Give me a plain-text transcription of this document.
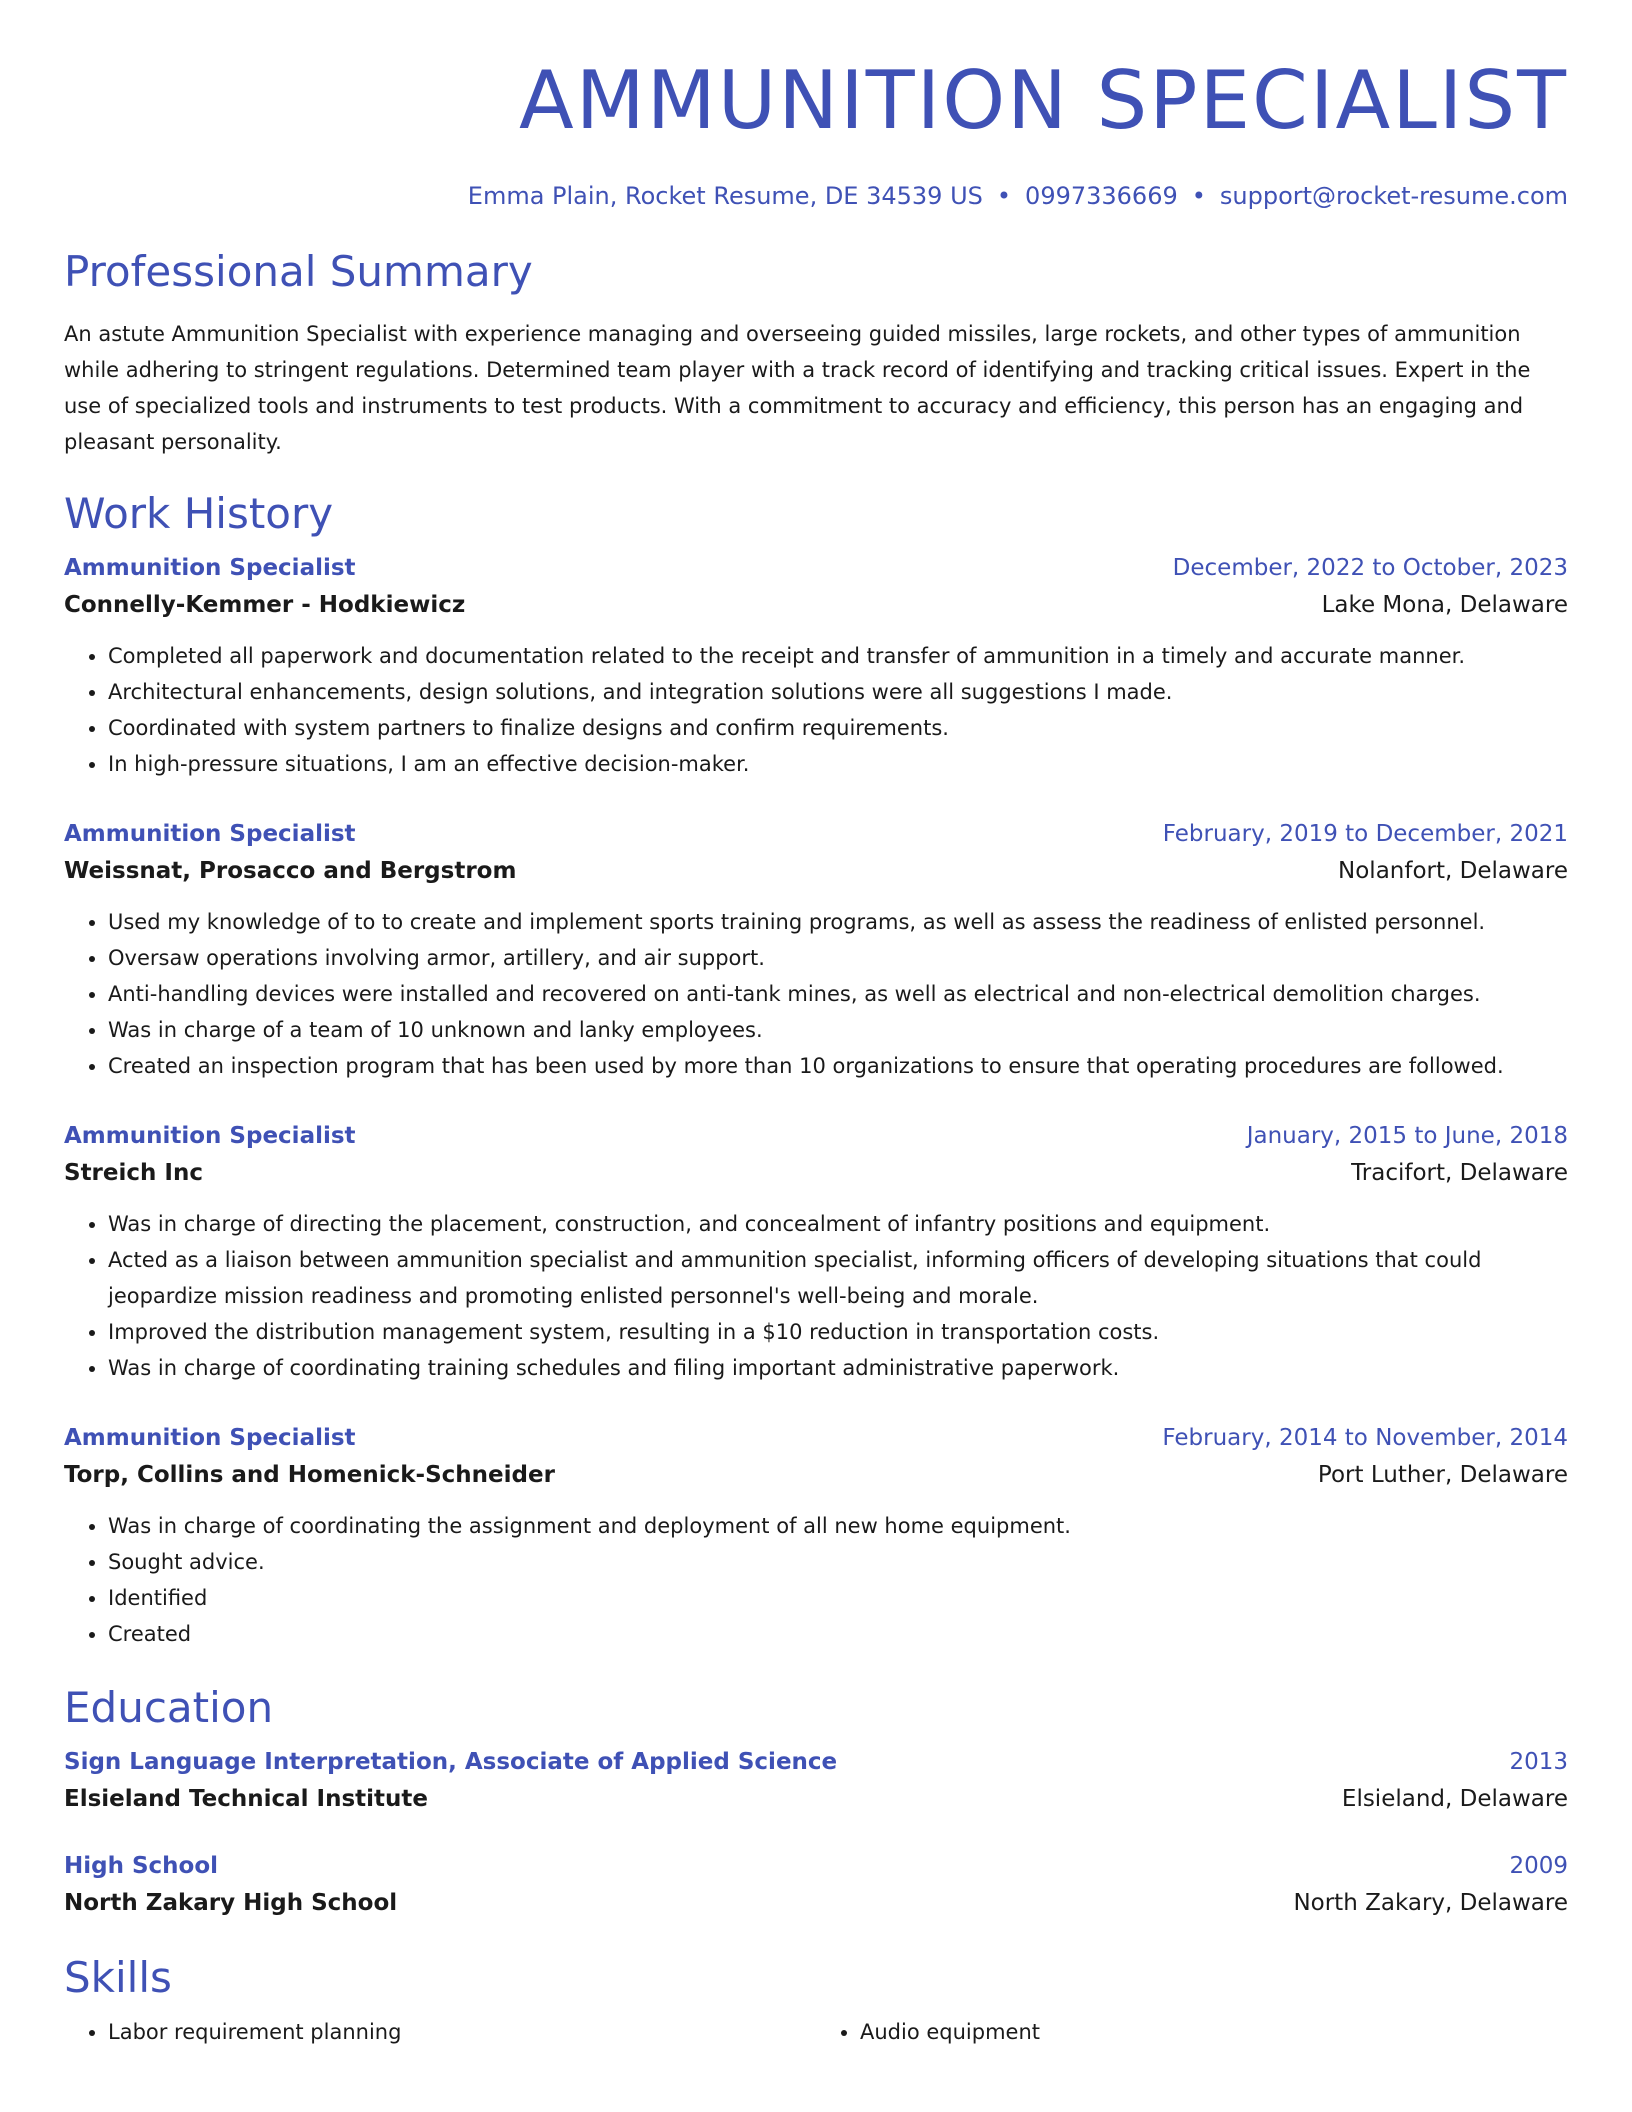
AMMUNITION SPECIALIST
Emma Plain, Rocket Resume, DE 34539 US • 0997336669 • support@rocket-resume.com
Professional Summary

An astute Ammunition Specialist with experience managing and overseeing guided missiles, large rockets, and other types of ammunition while adhering to stringent regulations. Determined team player with a track record of identifying and tracking critical issues. Expert in the use of specialized tools and instruments to test products. With a commitment to accuracy and efficiency, this person has an engaging and pleasant personality.

Work History
Ammunition Specialist	December, 2022 to October, 2023
Connelly-Kemmer - Hodkiewicz	Lake Mona, Delaware
• Completed all paperwork and documentation related to the receipt and transfer of ammunition in a timely and accurate manner.
• Architectural enhancements, design solutions, and integration solutions were all suggestions I made.
• Coordinated with system partners to finalize designs and confirm requirements.
• In high-pressure situations, I am an effective decision-maker.
Ammunition Specialist	February, 2019 to December, 2021
Weissnat, Prosacco and Bergstrom	Nolanfort, Delaware
• Used my knowledge of to to create and implement sports training programs, as well as assess the readiness of enlisted personnel.
• Oversaw operations involving armor, artillery, and air support.
• Anti-handling devices were installed and recovered on anti-tank mines, as well as electrical and non-electrical demolition charges.
• Was in charge of a team of 10 unknown and lanky employees.
• Created an inspection program that has been used by more than 10 organizations to ensure that operating procedures are followed.
Ammunition Specialist	January, 2015 to June, 2018
Streich Inc	Tracifort, Delaware
• Was in charge of directing the placement, construction, and concealment of infantry positions and equipment.
• Acted as a liaison between ammunition specialist and ammunition specialist, informing officers of developing situations that could jeopardize mission readiness and promoting enlisted personnel's well-being and morale.
• Improved the distribution management system, resulting in a $10 reduction in transportation costs.
• Was in charge of coordinating training schedules and filing important administrative paperwork.
Ammunition Specialist	February, 2014 to November, 2014
Torp, Collins and Homenick-Schneider	Port Luther, Delaware
• Was in charge of coordinating the assignment and deployment of all new home equipment.
• Sought advice.
• Identified
• Created
Education
Sign Language Interpretation, Associate of Applied Science	2013
Elsieland Technical Institute	Elsieland, Delaware
High School	2009
North Zakary High School	North Zakary, Delaware
Skills
• Labor requirement planning
•	Audio equipment
